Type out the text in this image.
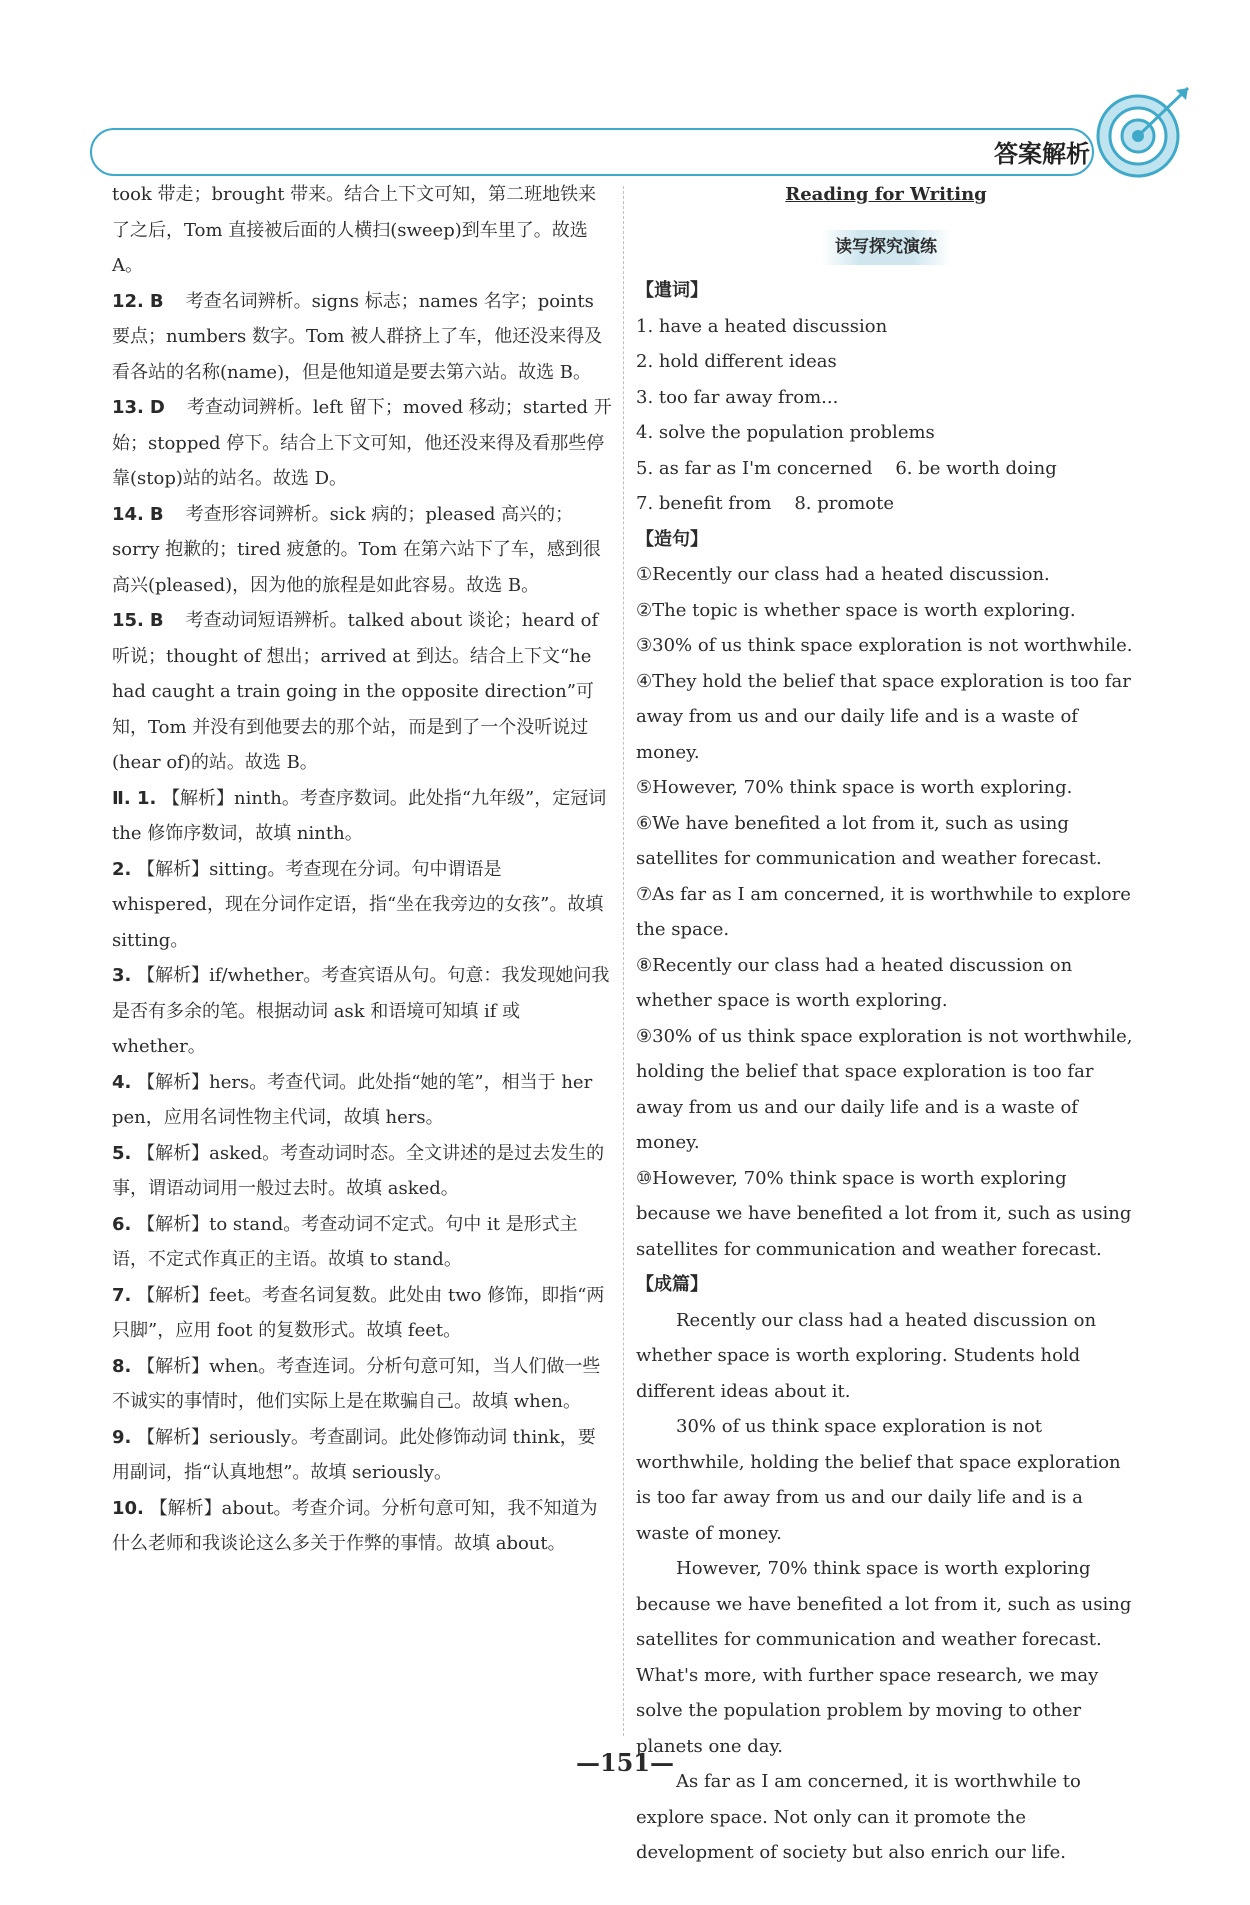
答案解析

took 带走；brought 带来。结合上下文可知，第二班地铁来了之后，Tom 直接被后面的人横扫(sweep)到车里了。故选 A。

12. B 考查名词辨析。signs 标志；names 名字；points 要点；numbers 数字。Tom 被人群挤上了车，他还没来得及看各站的名称(name)，但是他知道是要去第六站。故选 B。

13. D 考查动词辨析。left 留下；moved 移动；started 开始；stopped 停下。结合上下文可知，他还没来得及看那些停靠(stop)站的站名。故选 D。

14. B 考查形容词辨析。sick 病的；pleased 高兴的；sorry 抱歉的；tired 疲惫的。Tom 在第六站下了车，感到很高兴(pleased)，因为他的旅程是如此容易。故选 B。

15. B 考查动词短语辨析。talked about 谈论；heard of 听说；thought of 想出；arrived at 到达。结合上下文“he had caught a train going in the opposite direction”可知，Tom 并没有到他要去的那个站，而是到了一个没听说过(hear of)的站。故选 B。

Ⅱ. 1. 【解析】ninth。考查序数词。此处指“九年级”，定冠词 the 修饰序数词，故填 ninth。

2. 【解析】sitting。考查现在分词。句中谓语是 whispered，现在分词作定语，指“坐在我旁边的女孩”。故填 sitting。

3. 【解析】if/whether。考查宾语从句。句意：我发现她问我是否有多余的笔。根据动词 ask 和语境可知填 if 或 whether。

4. 【解析】hers。考查代词。此处指“她的笔”，相当于 her pen，应用名词性物主代词，故填 hers。

5. 【解析】asked。考查动词时态。全文讲述的是过去发生的事，谓语动词用一般过去时。故填 asked。

6. 【解析】to stand。考查动词不定式。句中 it 是形式主语，不定式作真正的主语。故填 to stand。

7. 【解析】feet。考查名词复数。此处由 two 修饰，即指“两只脚”，应用 foot 的复数形式。故填 feet。

8. 【解析】when。考查连词。分析句意可知，当人们做一些不诚实的事情时，他们实际上是在欺骗自己。故填 when。

9. 【解析】seriously。考查副词。此处修饰动词 think，要用副词，指“认真地想”。故填 seriously。

10. 【解析】about。考查介词。分析句意可知，我不知道为什么老师和我谈论这么多关于作弊的事情。故填 about。

Reading for Writing

读写探究演练

【遣词】

1. have a heated discussion

2. hold different ideas

3. too far away from...

4. solve the population problems

5. as far as I'm concerned    6. be worth doing

7. benefit from    8. promote

【造句】

①Recently our class had a heated discussion.

②The topic is whether space is worth exploring.

③30% of us think space exploration is not worthwhile.

④They hold the belief that space exploration is too far away from us and our daily life and is a waste of money.

⑤However, 70% think space is worth exploring.

⑥We have benefited a lot from it, such as using satellites for communication and weather forecast.

⑦As far as I am concerned, it is worthwhile to explore the space.

⑧Recently our class had a heated discussion on whether space is worth exploring.

⑨30% of us think space exploration is not worthwhile, holding the belief that space exploration is too far away from us and our daily life and is a waste of money.

⑩However, 70% think space is worth exploring because we have benefited a lot from it, such as using satellites for communication and weather forecast.

【成篇】

Recently our class had a heated discussion on whether space is worth exploring. Students hold different ideas about it.

30% of us think space exploration is not worthwhile, holding the belief that space exploration is too far away from us and our daily life and is a waste of money.

However, 70% think space is worth exploring because we have benefited a lot from it, such as using satellites for communication and weather forecast. What's more, with further space research, we may solve the population problem by moving to other planets one day.

As far as I am concerned, it is worthwhile to explore space. Not only can it promote the development of society but also enrich our life.

—151—
